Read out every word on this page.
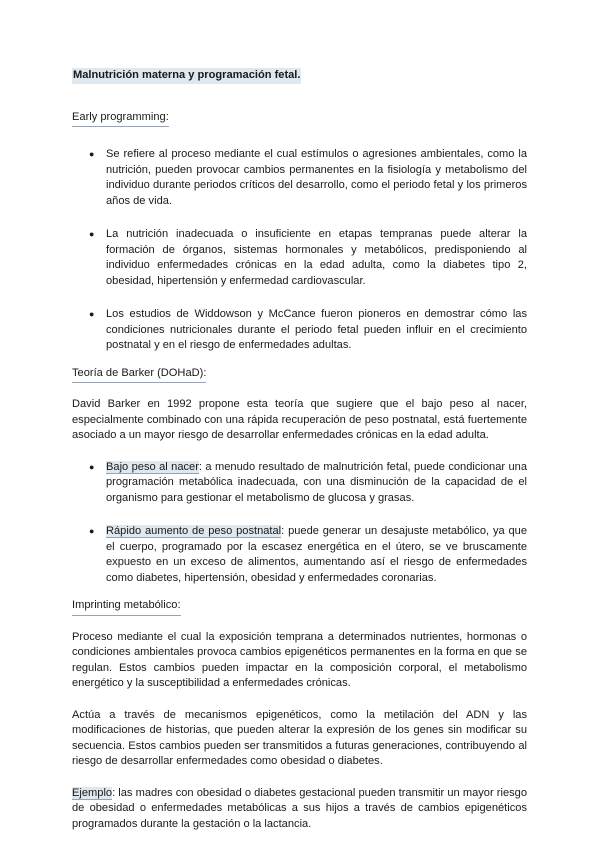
Malnutrición materna y programación fetal.
Early programming:
● Se refiere al proceso mediante el cual estímulos o agresiones ambientales, como la nutrición, pueden provocar cambios permanentes en la fisiología y metabolismo del individuo durante periodos críticos del desarrollo, como el periodo fetal y los primeros años de vida.
● La nutrición inadecuada o insuficiente en etapas tempranas puede alterar la formación de órganos, sistemas hormonales y metabólicos, predisponiendo al individuo enfermedades crónicas en la edad adulta, como la diabetes tipo 2, obesidad, hipertensión y enfermedad cardiovascular.
● Los estudios de Widdowson y McCance fueron pioneros en demostrar cómo las condiciones nutricionales durante el periodo fetal pueden influir en el crecimiento postnatal y en el riesgo de enfermedades adultas.
Teoría de Barker (DOHaD):

David Barker en 1992 propone esta teoría que sugiere que el bajo peso al nacer, especialmente combinado con una rápida recuperación de peso postnatal, está fuertemente asociado a un mayor riesgo de desarrollar enfermedades crónicas en la edad adulta.

● Bajo peso al nacer: a menudo resultado de malnutrición fetal, puede condicionar una programación metabólica inadecuada, con una disminución de la capacidad de el organismo para gestionar el metabolismo de glucosa y grasas.
● Rápido aumento de peso postnatal: puede generar un desajuste metabólico, ya que el cuerpo, programado por la escasez energética en el útero, se ve bruscamente expuesto en un exceso de alimentos, aumentando así el riesgo de enfermedades como diabetes, hipertensión, obesidad y enfermedades coronarias.
Imprinting metabólico:

Proceso mediante el cual la exposición temprana a determinados nutrientes, hormonas o condiciones ambientales provoca cambios epigenéticos permanentes en la forma en que se regulan. Estos cambios pueden impactar en la composición corporal, el metabolismo energético y la susceptibilidad a enfermedades crónicas.

Actúa a través de mecanismos epigenéticos, como la metilación del ADN y las modificaciones de historias, que pueden alterar la expresión de los genes sin modificar su secuencia. Estos cambios pueden ser transmitidos a futuras generaciones, contribuyendo al riesgo de desarrollar enfermedades como obesidad o diabetes.

Ejemplo: las madres con obesidad o diabetes gestacional pueden transmitir un mayor riesgo de obesidad o enfermedades metabólicas a sus hijos a través de cambios epigenéticos programados durante la gestación o la lactancia.
